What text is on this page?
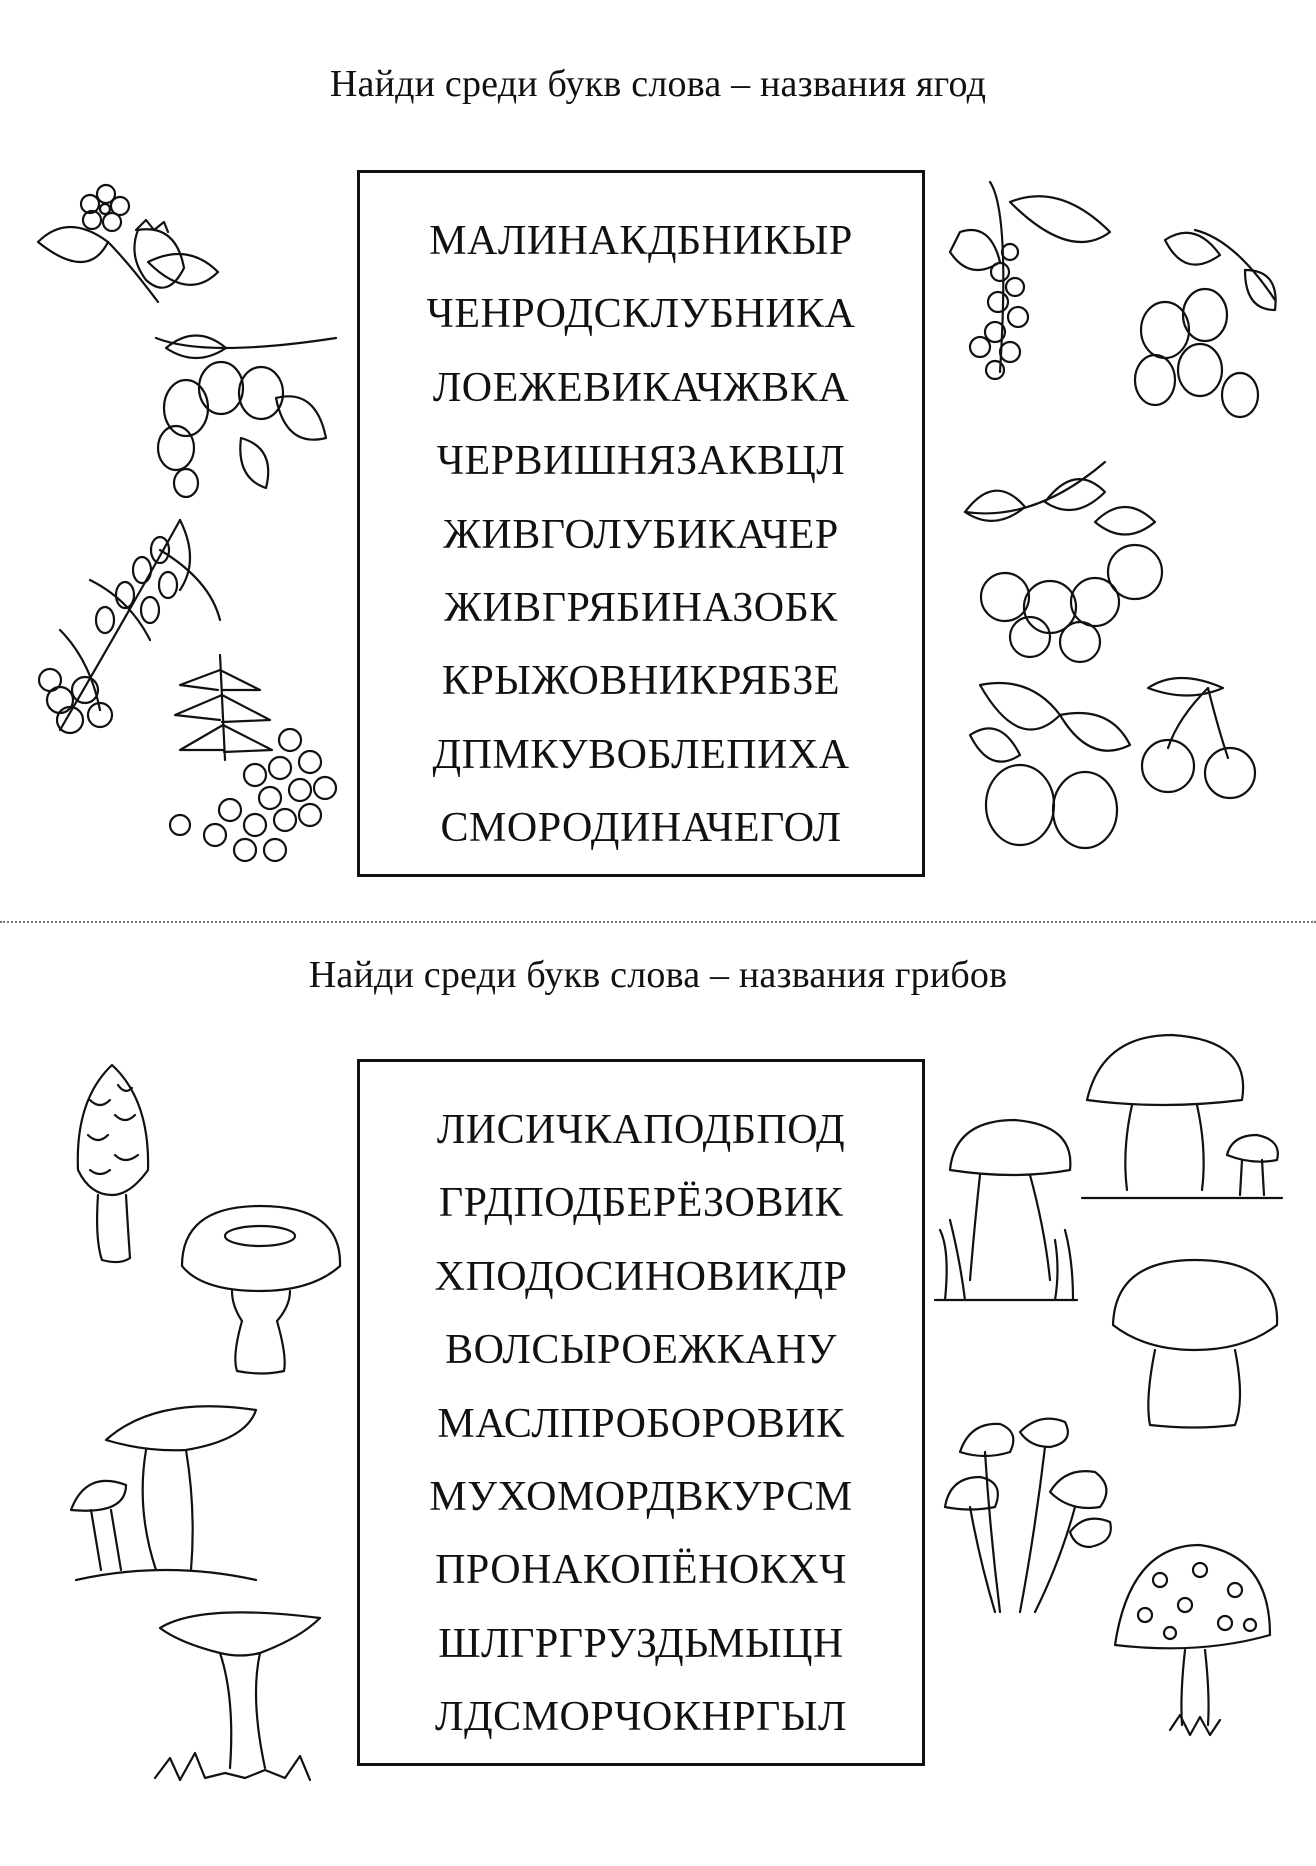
Найди среди букв слова – названия ягод
МАЛИНАКДБНИКЫР
ЧЕНРОДСКЛУБНИКА
ЛОЕЖЕВИКАЧЖВКА
ЧЕРВИШНЯЗАКВЦЛ
ЖИВГОЛУБИКАЧЕР
ЖИВГРЯБИНАЗОБК
КРЫЖОВНИКРЯБЗЕ
ДПМКУВОБЛЕПИХА
СМОРОДИНАЧЕГОЛ
Найди среди букв слова – названия грибов
ЛИСИЧКАПОДБПОД
ГРДПОДБЕРЁЗОВИК
ХПОДОСИНОВИКДР
ВОЛСЫРОЕЖКАНУ
МАСЛПРОБОРОВИК
МУХОМОРДВКУРСМ
ПРОНАКОПЁНОКХЧ
ШЛГРГРУЗДЬМЫЦН
ЛДСМОРЧОКНРГЫЛ
